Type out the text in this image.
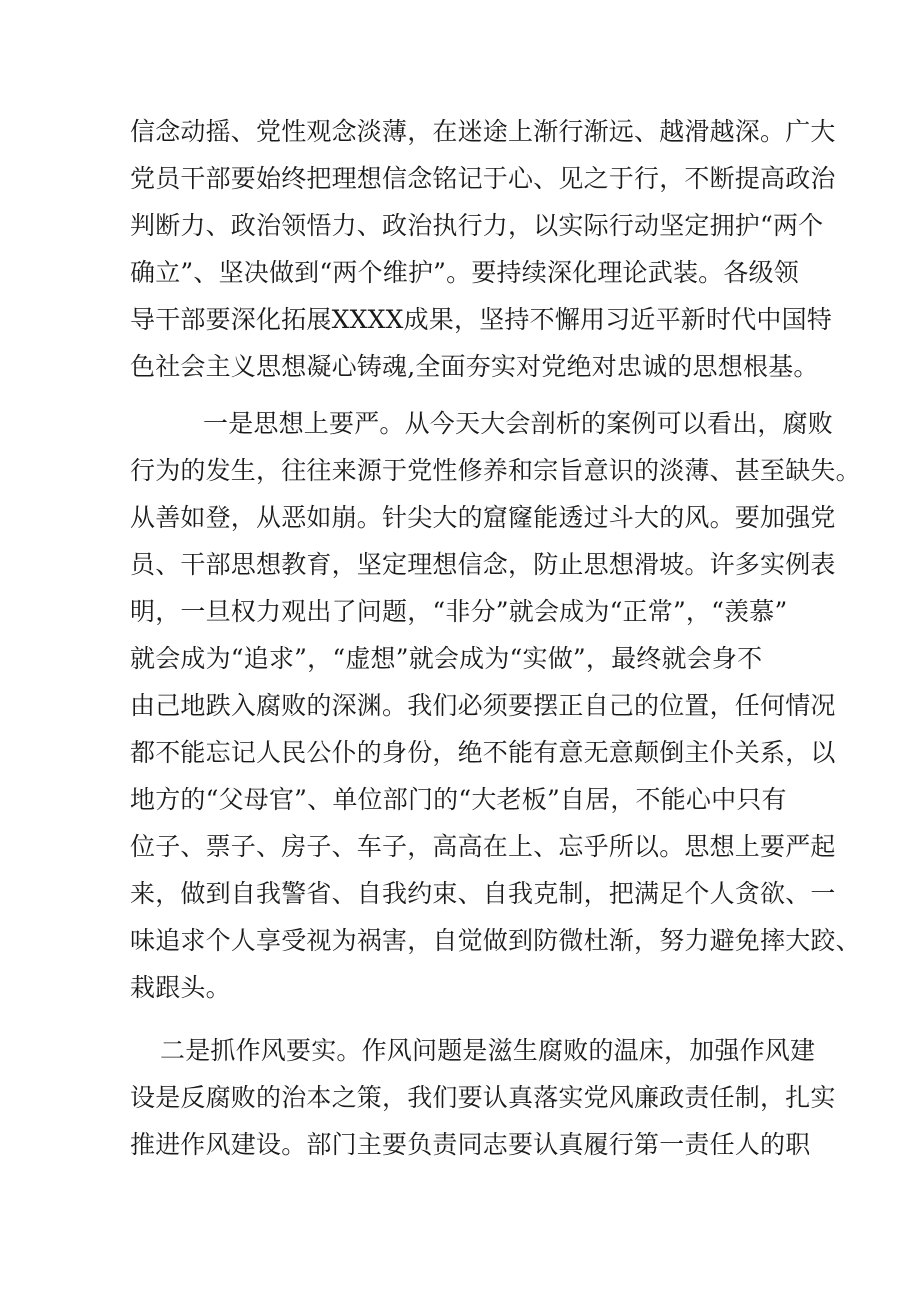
信念动摇、党性观念淡薄，在迷途上渐行渐远、越滑越深。广大
党员干部要始终把理想信念铭记于心、见之于行，不断提高政治
判断力、政治领悟力、政治执行力，以实际行动坚定拥护“两个
确立”、坚决做到“两个维护”。要持续深化理论武装。各级领
导干部要深化拓展XXXX成果，坚持不懈用习近平新时代中国特
色社会主义思想凝心铸魂,全面夯实对党绝对忠诚的思想根基。
一是思想上要严。从今天大会剖析的案例可以看出，腐败
行为的发生，往往来源于党性修养和宗旨意识的淡薄、甚至缺失。
从善如登，从恶如崩。针尖大的窟窿能透过斗大的风。要加强党
员、干部思想教育，坚定理想信念，防止思想滑坡。许多实例表
明，一旦权力观出了问题，“非分”就会成为“正常”，“羡慕”
就会成为“追求”，“虚想”就会成为“实做”，最终就会身不
由己地跌入腐败的深渊。我们必须要摆正自己的位置，任何情况
都不能忘记人民公仆的身份，绝不能有意无意颠倒主仆关系，以
地方的“父母官”、单位部门的“大老板”自居，不能心中只有
位子、票子、房子、车子，高高在上、忘乎所以。思想上要严起
来，做到自我警省、自我约束、自我克制，把满足个人贪欲、一
味追求个人享受视为祸害，自觉做到防微杜渐，努力避免摔大跤、
栽跟头。
二是抓作风要实。作风问题是滋生腐败的温床，加强作风建
设是反腐败的治本之策，我们要认真落实党风廉政责任制，扎实
推进作风建设。部门主要负责同志要认真履行第一责任人的职
